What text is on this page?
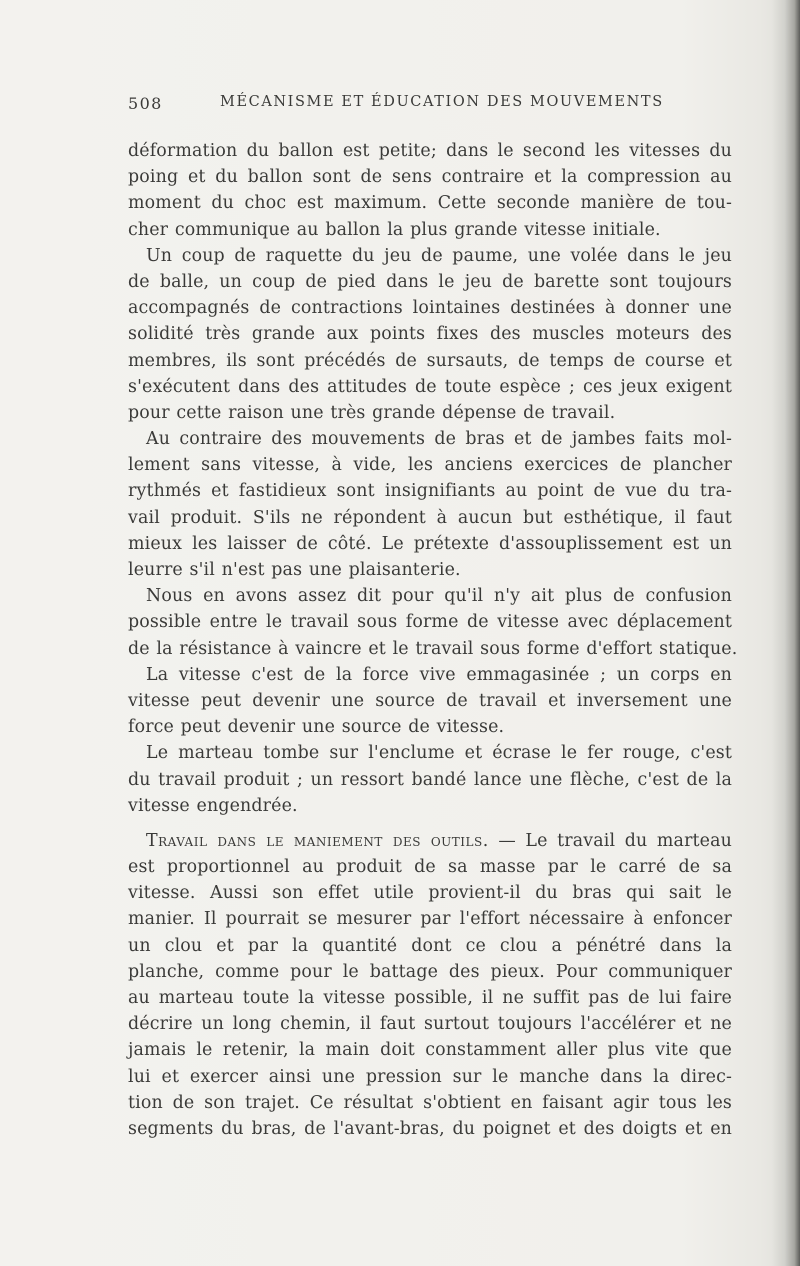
508	MÉCANISME ET ÉDUCATION DES MOUVEMENTS
déformation du ballon est petite; dans le second les vitesses du
poing et du ballon sont de sens contraire et la compression au
moment du choc est maximum. Cette seconde manière de tou-
cher communique au ballon la plus grande vitesse initiale.
Un coup de raquette du jeu de paume, une volée dans le jeu
de balle, un coup de pied dans le jeu de barette sont toujours
accompagnés de contractions lointaines destinées à donner une
solidité très grande aux points fixes des muscles moteurs des
membres, ils sont précédés de sursauts, de temps de course et
s'exécutent dans des attitudes de toute espèce ; ces jeux exigent
pour cette raison une très grande dépense de travail.
Au contraire des mouvements de bras et de jambes faits mol-
lement sans vitesse, à vide, les anciens exercices de plancher
rythmés et fastidieux sont insignifiants au point de vue du tra-
vail produit. S'ils ne répondent à aucun but esthétique, il faut
mieux les laisser de côté. Le prétexte d'assouplissement est un
leurre s'il n'est pas une plaisanterie.
Nous en avons assez dit pour qu'il n'y ait plus de confusion
possible entre le travail sous forme de vitesse avec déplacement
de la résistance à vaincre et le travail sous forme d'effort statique.
La vitesse c'est de la force vive emmagasinée ; un corps en
vitesse peut devenir une source de travail et inversement une
force peut devenir une source de vitesse.
Le marteau tombe sur l'enclume et écrase le fer rouge, c'est
du travail produit ; un ressort bandé lance une flèche, c'est de la
vitesse engendrée.
Travail dans le maniement des outils. — Le travail du marteau
est proportionnel au produit de sa masse par le carré de sa
vitesse. Aussi son effet utile provient-il du bras qui sait le
manier. Il pourrait se mesurer par l'effort nécessaire à enfoncer
un clou et par la quantité dont ce clou a pénétré dans la
planche, comme pour le battage des pieux. Pour communiquer
au marteau toute la vitesse possible, il ne suffit pas de lui faire
décrire un long chemin, il faut surtout toujours l'accélérer et ne
jamais le retenir, la main doit constamment aller plus vite que
lui et exercer ainsi une pression sur le manche dans la direc-
tion de son trajet. Ce résultat s'obtient en faisant agir tous les
segments du bras, de l'avant-bras, du poignet et des doigts et en
